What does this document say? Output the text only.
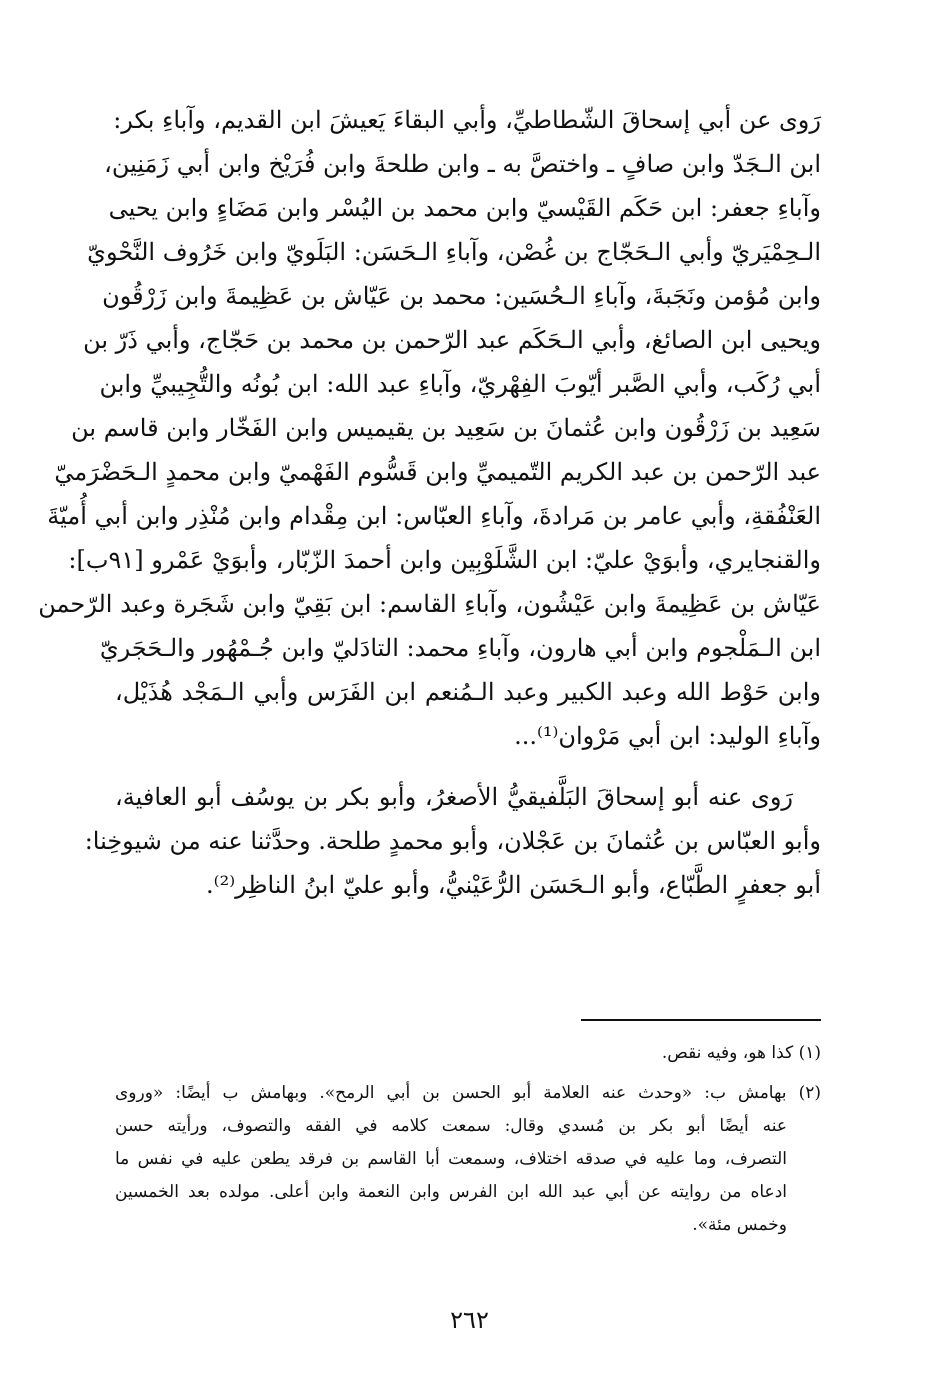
رَوى عن أبي إسحاقَ الشّطاطيِّ، وأبي البقاءَ يَعيشَ ابن القديم، وآباءِ بكر:
ابن الـجَدّ وابن صافٍ ـ واختصَّ به ـ وابن طلحةَ وابن فُرَيْخ وابن أبي زَمَنِين،
وآباءِ جعفر: ابن حَكَم القَيْسيّ وابن محمد بن اليُسْر وابن مَضَاءٍ وابن يحيى
الـحِمْيَريّ وأبي الـحَجّاج بن غُصْن، وآباءِ الـحَسَن: البَلَويّ وابن خَرُوف النَّحْويّ
وابن مُؤمن ونَجَبةَ، وآباءِ الـحُسَين: محمد بن عَيّاش بن عَظِيمةَ وابن زَرْقُون
ويحيى ابن الصائغ، وأبي الـحَكَم عبد الرّحمن بن محمد بن حَجّاج، وأبي ذَرّ بن
أبي رُكَب، وأبي الصَّبر أيّوبَ الفِهْريّ، وآباءِ عبد الله: ابن بُونُه والتُّجِيبيِّ وابن
سَعِيد بن زَرْقُون وابن عُثمانَ بن سَعِيد بن يقيميس وابن الفَخّار وابن قاسم بن
عبد الرّحمن بن عبد الكريم التّميميِّ وابن قَسُّوم الفَهْميّ وابن محمدٍ الـحَضْرَميّ
العَنْفُقةِ، وأبي عامر بن مَرادةَ، وآباءِ العبّاس: ابن مِقْدام وابن مُنْذِر وابن أبي أُميّةَ
والقنجايري، وأبوَيْ عليّ: ابن الشَّلَوْبِين وابن أحمدَ الزّبّار، وأبوَيْ عَمْرو [٩١ب]:
عَيّاش بن عَظِيمةَ وابن عَيْشُون، وآباءِ القاسم: ابن بَقِيّ وابن شَجَرة وعبد الرّحمن
ابن الـمَلْجوم وابن أبي هارون، وآباءِ محمد: التادَليّ وابن جُـمْهُور والـحَجَريّ
وابن حَوْط الله وعبد الكبير وعبد الـمُنعم ابن الفَرَس وأبي الـمَجْد هُذَيْل،
وآباءِ الوليد: ابن أبي مَرْوان⁽¹⁾...
رَوى عنه أبو إسحاقَ البَلَّفيقيُّ الأصغرُ، وأبو بكر بن يوسُف أبو العافية،
وأبو العبّاس بن عُثمانَ بن عَجْلان، وأبو محمدٍ طلحة. وحدَّثنا عنه من شيوخِنا:
أبو جعفرٍ الطَّبّاع، وأبو الـحَسَن الرُّعَيْنيُّ، وأبو عليّ ابنُ الناظِر⁽²⁾.
(١) كذا هو، وفيه نقص.
(٢) بهامش ب: «وحدث عنه العلامة أبو الحسن بن أبي الرمح». وبهامش ب أيضًا: «وروى
عنه أيضًا أبو بكر بن مُسدي وقال: سمعت كلامه في الفقه والتصوف، ورأيته حسن
التصرف، وما عليه في صدقه اختلاف، وسمعت أبا القاسم بن فرقد يطعن عليه في نفس ما
ادعاه من روايته عن أبي عبد الله ابن الفرس وابن النعمة وابن أعلى. مولده بعد الخمسين
وخمس مئة».
٢٦٢
